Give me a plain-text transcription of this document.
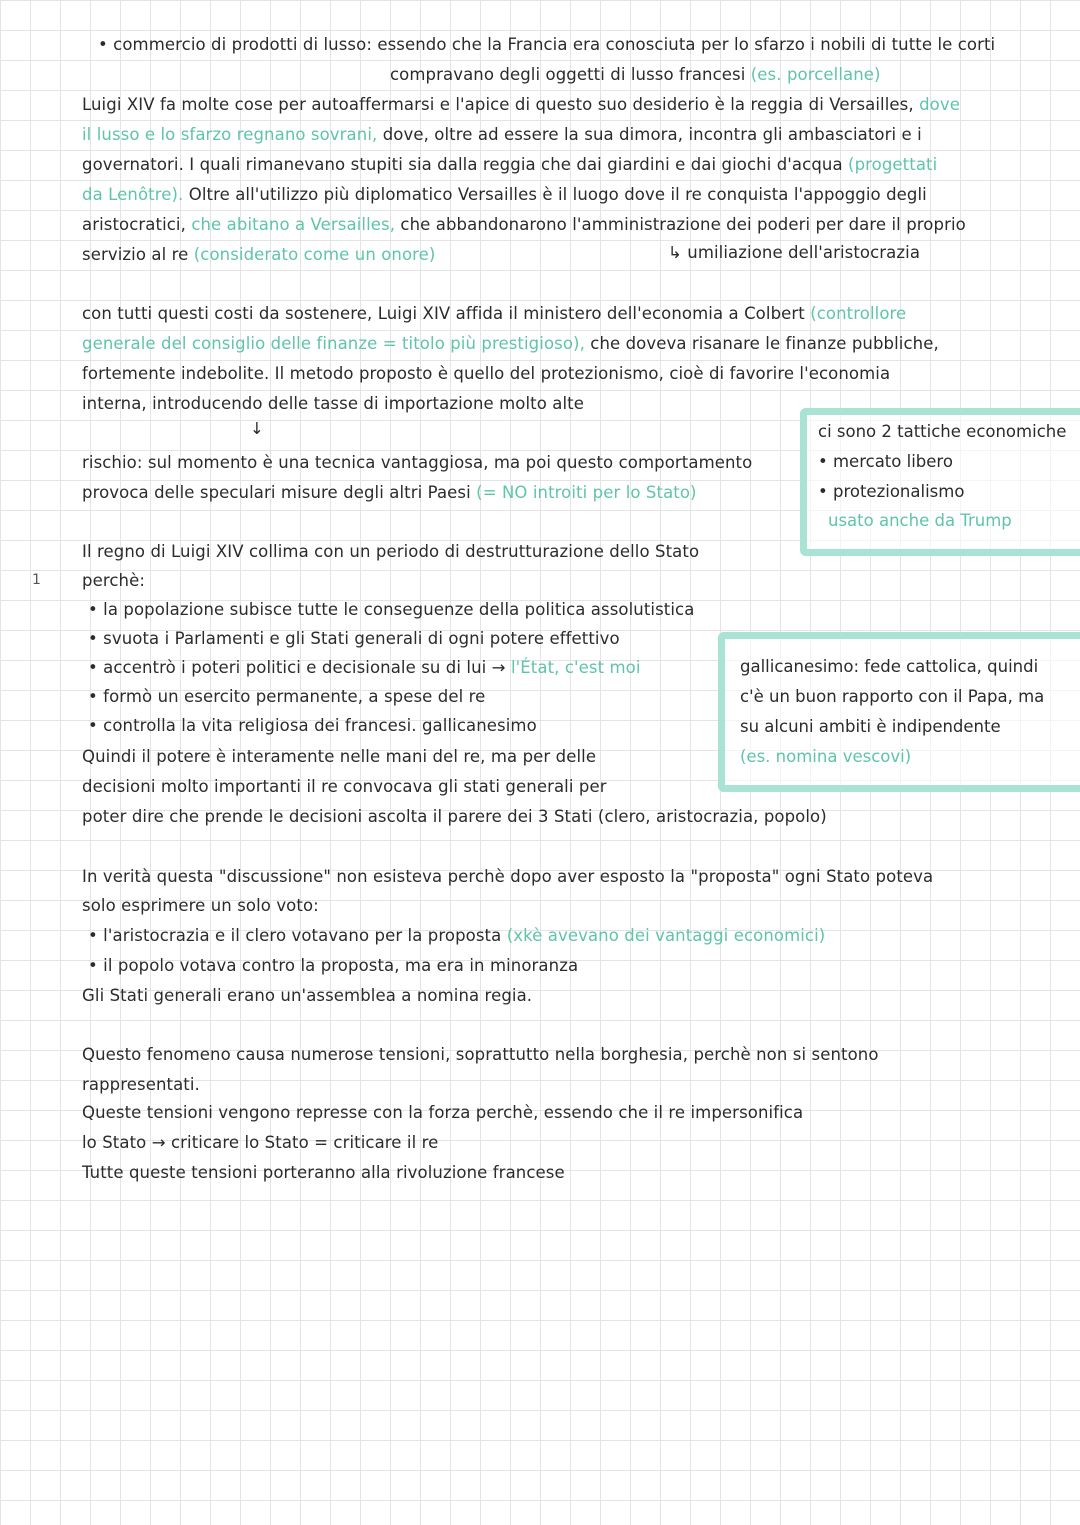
• commercio di prodotti di lusso: essendo che la Francia era conosciuta per lo sfarzo i nobili di tutte le corti
compravano degli oggetti di lusso francesi (es. porcellane)
Luigi XIV fa molte cose per autoaffermarsi e l'apice di questo suo desiderio è la reggia di Versailles, dove
il lusso e lo sfarzo regnano sovrani, dove, oltre ad essere la sua dimora, incontra gli ambasciatori e i
governatori. I quali rimanevano stupiti sia dalla reggia che dai giardini e dai giochi d'acqua (progettati
da Lenôtre). Oltre all'utilizzo più diplomatico Versailles è il luogo dove il re conquista l'appoggio degli
aristocratici, che abitano a Versailles, che abbandonarono l'amministrazione dei poderi per dare il proprio
servizio al re (considerato come un onore)	↳ umiliazione dell'aristocrazia
con tutti questi costi da sostenere, Luigi XIV affida il ministero dell'economia a Colbert (controllore
generale del consiglio delle finanze = titolo più prestigioso), che doveva risanare le finanze pubbliche,
fortemente indebolite. Il metodo proposto è quello del protezionismo, cioè di favorire l'economia
interna, introducendo delle tasse di importazione molto alte
↓
rischio: sul momento è una tecnica vantaggiosa, ma poi questo comportamento
provoca delle speculari misure degli altri Paesi (= NO introiti per lo Stato)
ci sono 2 tattiche economiche
• mercato libero
• protezionalismo
usato anche da Trump
Il regno di Luigi XIV collima con un periodo di destrutturazione dello Stato
1 perchè:
• la popolazione subisce tutte le conseguenze della politica assolutistica
• svuota i Parlamenti e gli Stati generali di ogni potere effettivo
• accentrò i poteri politici e decisionale su di lui → l'État, c'est moi
• formò un esercito permanente, a spese del re
• controlla la vita religiosa dei francesi. gallicanesimo
gallicanesimo: fede cattolica, quindi
c'è un buon rapporto con il Papa, ma
su alcuni ambiti è indipendente
(es. nomina vescovi)
Quindi il potere è interamente nelle mani del re, ma per delle
decisioni molto importanti il re convocava gli stati generali per
poter dire che prende le decisioni ascolta il parere dei 3 Stati (clero, aristocrazia, popolo)
In verità questa "discussione" non esisteva perchè dopo aver esposto la "proposta" ogni Stato poteva
solo esprimere un solo voto:
• l'aristocrazia e il clero votavano per la proposta (xkè avevano dei vantaggi economici)
• il popolo votava contro la proposta, ma era in minoranza
Gli Stati generali erano un'assemblea a nomina regia.
Questo fenomeno causa numerose tensioni, soprattutto nella borghesia, perchè non si sentono
rappresentati.
Queste tensioni vengono represse con la forza perchè, essendo che il re impersonifica
lo Stato → criticare lo Stato = criticare il re
Tutte queste tensioni porteranno alla rivoluzione francese
